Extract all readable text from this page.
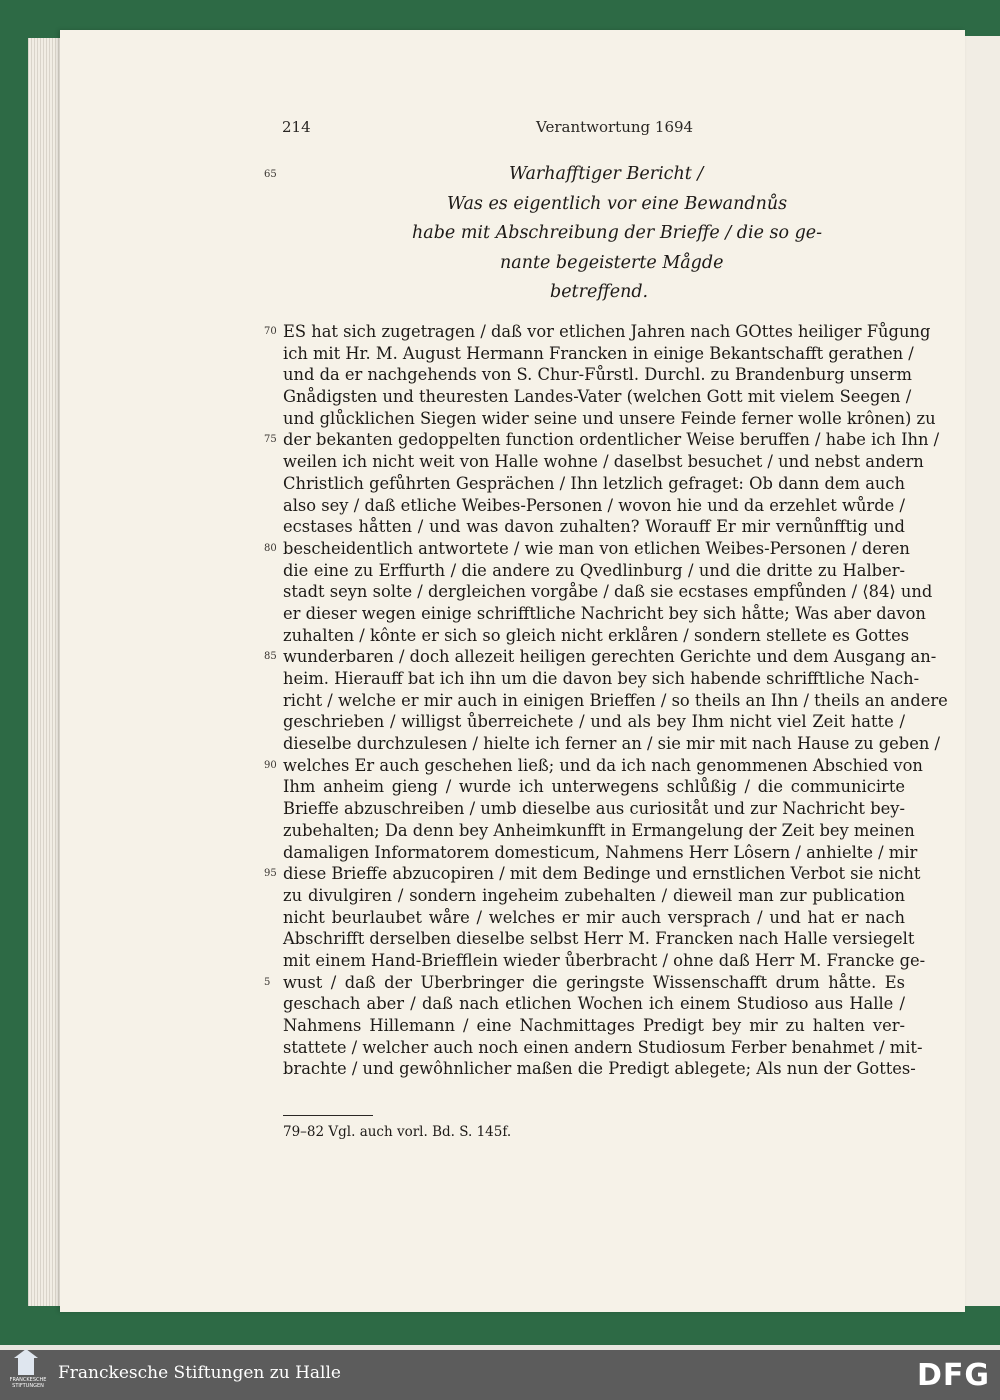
214	Verantwortung 1694
65	Warhafftiger Bericht /
Was es eigentlich vor eine Bewandnůs
habe mit Abschreibung der Brieffe / die so ge-
nante begeisterte Mågde
betreffend.
70 ES hat sich zugetragen / daß vor etlichen Jahren nach GOttes heiliger Fůgung
ich mit Hr. M. August Hermann Francken in einige Bekantschafft gerathen /
und da er nachgehends von S. Chur-Fůrstl. Durchl. zu Brandenburg unserm
Gnådigsten und theuresten Landes-Vater (welchen Gott mit vielem Seegen /
und glůcklichen Siegen wider seine und unsere Feinde ferner wolle krônen) zu
75 der bekanten gedoppelten function ordentlicher Weise beruffen / habe ich Ihn /
weilen ich nicht weit von Halle wohne / daselbst besuchet / und nebst andern
Christlich gefůhrten Gesprächen / Ihn letzlich gefraget: Ob dann dem auch
also sey / daß etliche Weibes-Personen / wovon hie und da erzehlet wůrde /
ecstases håtten / und was davon zuhalten? Worauff Er mir vernůnfftig und
80 bescheidentlich antwortete / wie man von etlichen Weibes-Personen / deren
die eine zu Erffurth / die andere zu Qvedlinburg / und die dritte zu Halber-
stadt seyn solte / dergleichen vorgåbe / daß sie ecstases empfůnden / ⟨84⟩ und
er dieser wegen einige schrifftliche Nachricht bey sich håtte; Was aber davon
zuhalten / kônte er sich so gleich nicht erklåren / sondern stellete es Gottes
85 wunderbaren / doch allezeit heiligen gerechten Gerichte und dem Ausgang an-
heim. Hierauff bat ich ihn um die davon bey sich habende schrifftliche Nach-
richt / welche er mir auch in einigen Brieffen / so theils an Ihn / theils an andere
geschrieben / willigst ůberreichete / und als bey Ihm nicht viel Zeit hatte /
dieselbe durchzulesen / hielte ich ferner an / sie mir mit nach Hause zu geben /
90 welches Er auch geschehen ließ; und da ich nach genommenen Abschied von
Ihm anheim gieng / wurde ich unterwegens schlůßig / die communicirte
Brieffe abzuschreiben / umb dieselbe aus curiositåt und zur Nachricht bey-
zubehalten; Da denn bey Anheimkunfft in Ermangelung der Zeit bey meinen
damaligen Informatorem domesticum, Nahmens Herr Lôsern / anhielte / mir
95 diese Brieffe abzucopiren / mit dem Bedinge und ernstlichen Verbot sie nicht
zu divulgiren / sondern ingeheim zubehalten / dieweil man zur publication
nicht beurlaubet wåre / welches er mir auch versprach / und hat er nach
Abschrifft derselben dieselbe selbst Herr M. Francken nach Halle versiegelt
mit einem Hand-Briefflein wieder ůberbracht / ohne daß Herr M. Francke ge-
5 wust / daß der Uberbringer die geringste Wissenschafft drum håtte. Es
geschach aber / daß nach etlichen Wochen ich einem Studioso aus Halle /
Nahmens Hillemann / eine Nachmittages Predigt bey mir zu halten ver-
stattete / welcher auch noch einen andern Studiosum Ferber benahmet / mit-
brachte / und gewôhnlicher maßen die Predigt ablegete; Als nun der Gottes-
79–82 Vgl. auch vorl. Bd. S. 145f.
FRANCKESCHE
STIFTUNGEN
Franckesche Stiftungen zu Halle	DFG
